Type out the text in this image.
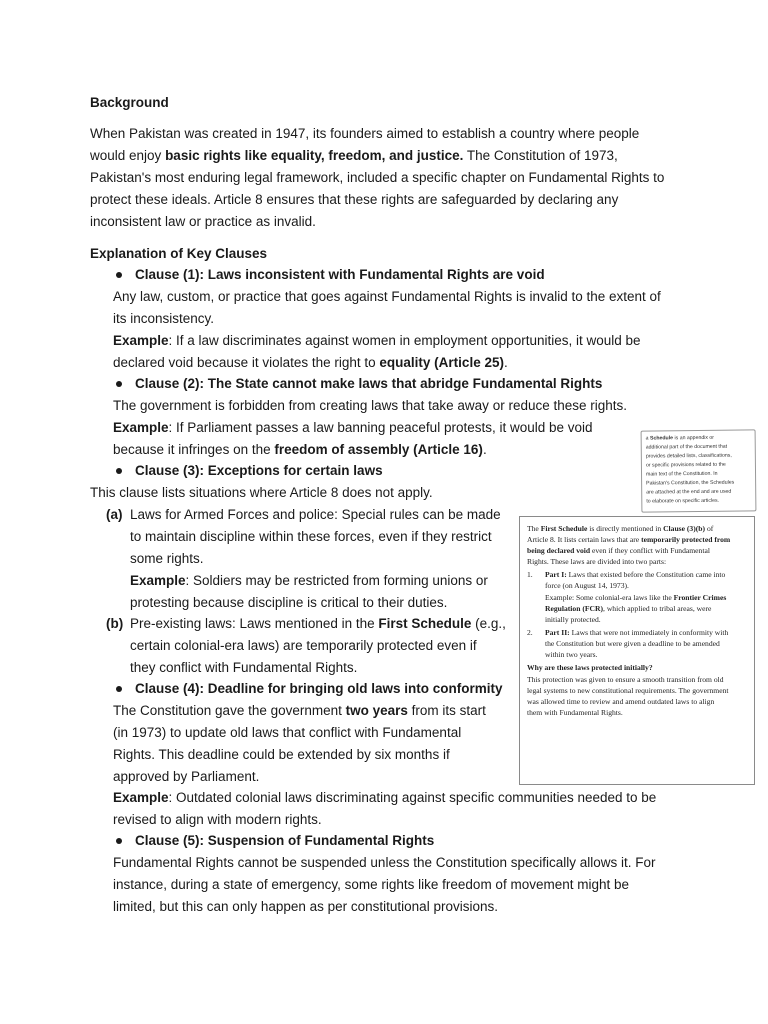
Background
When Pakistan was created in 1947, its founders aimed to establish a country where people
would enjoy basic rights like equality, freedom, and justice. The Constitution of 1973,
Pakistan's most enduring legal framework, included a specific chapter on Fundamental Rights to
protect these ideals. Article 8 ensures that these rights are safeguarded by declaring any
inconsistent law or practice as invalid.
Explanation of Key Clauses
Clause (1): Laws inconsistent with Fundamental Rights are void
Any law, custom, or practice that goes against Fundamental Rights is invalid to the extent of
its inconsistency.
Example: If a law discriminates against women in employment opportunities, it would be
declared void because it violates the right to equality (Article 25).
Clause (2): The State cannot make laws that abridge Fundamental Rights
The government is forbidden from creating laws that take away or reduce these rights.
Example: If Parliament passes a law banning peaceful protests, it would be void
because it infringes on the freedom of assembly (Article 16).
Clause (3): Exceptions for certain laws
This clause lists situations where Article 8 does not apply.
(a) Laws for Armed Forces and police: Special rules can be made
to maintain discipline within these forces, even if they restrict
some rights.
Example: Soldiers may be restricted from forming unions or
protesting because discipline is critical to their duties.
(b) Pre-existing laws: Laws mentioned in the First Schedule (e.g.,
certain colonial-era laws) are temporarily protected even if
they conflict with Fundamental Rights.
Clause (4): Deadline for bringing old laws into conformity
The Constitution gave the government two years from its start
(in 1973) to update old laws that conflict with Fundamental
Rights. This deadline could be extended by six months if
approved by Parliament.
Example: Outdated colonial laws discriminating against specific communities needed to be
revised to align with modern rights.
Clause (5): Suspension of Fundamental Rights
Fundamental Rights cannot be suspended unless the Constitution specifically allows it. For
instance, during a state of emergency, some rights like freedom of movement might be
limited, but this can only happen as per constitutional provisions.
a Schedule is an appendix or
additional part of the document that
provides detailed lists, classifications,
or specific provisions related to the
main text of the Constitution. In
Pakistan's Constitution, the Schedules
are attached at the end and are used
to elaborate on specific articles.
The First Schedule is directly mentioned in Clause (3)(b) of
Article 8. It lists certain laws that are temporarily protected from
being declared void even if they conflict with Fundamental
Rights. These laws are divided into two parts:
1. Part I: Laws that existed before the Constitution came into
force (on August 14, 1973).
Example: Some colonial-era laws like the Frontier Crimes
Regulation (FCR), which applied to tribal areas, were
initially protected.
2. Part II: Laws that were not immediately in conformity with
the Constitution but were given a deadline to be amended
within two years.
Why are these laws protected initially?
This protection was given to ensure a smooth transition from old
legal systems to new constitutional requirements. The government
was allowed time to review and amend outdated laws to align
them with Fundamental Rights.
